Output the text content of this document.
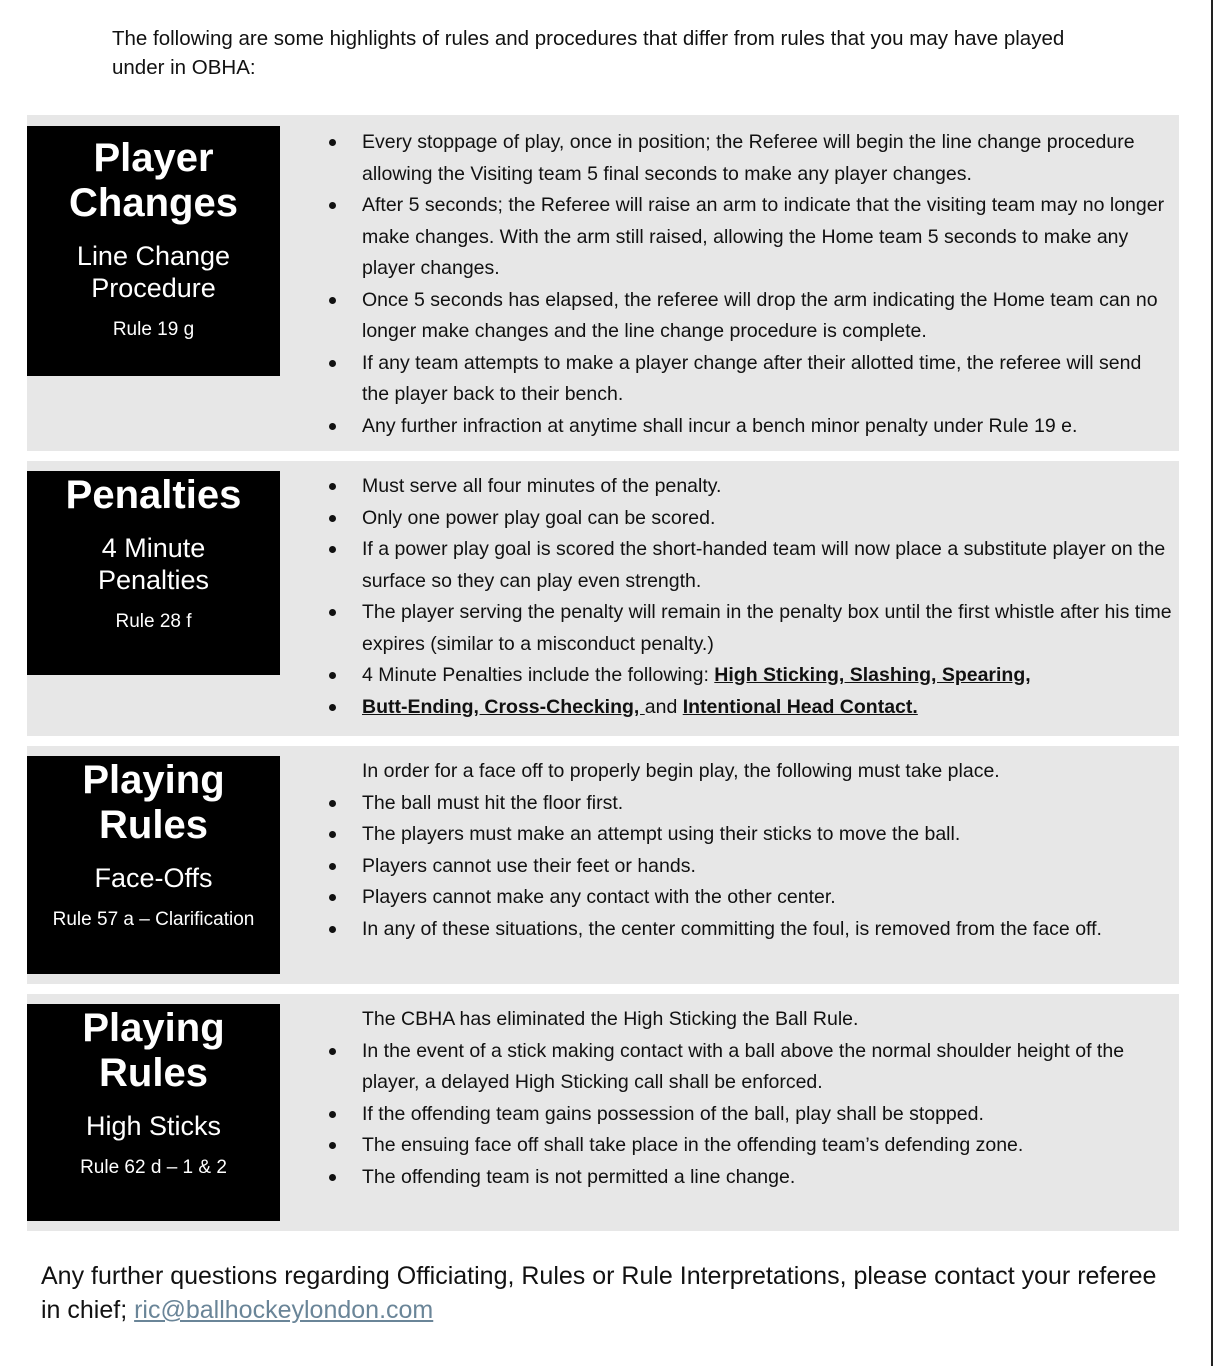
The following are some highlights of rules and procedures that differ from rules that you may have played under in OBHA:

Player
Changes
Line Change
Procedure
Rule 19 g
Every stoppage of play, once in position; the Referee will begin the line change procedure allowing the Visiting team 5 final seconds to make any player changes.
After 5 seconds; the Referee will raise an arm to indicate that the visiting team may no longer make changes. With the arm still raised, allowing the Home team 5 seconds to make any player changes.
Once 5 seconds has elapsed, the referee will drop the arm indicating the Home team can no longer make changes and the line change procedure is complete.
If any team attempts to make a player change after their allotted time, the referee will send the player back to their bench.
Any further infraction at anytime shall incur a bench minor penalty under Rule 19 e.
Penalties
4 Minute
Penalties
Rule 28 f
Must serve all four minutes of the penalty.
Only one power play goal can be scored.
If a power play goal is scored the short-handed team will now place a substitute player on the surface so they can play even strength.
The player serving the penalty will remain in the penalty box until the first whistle after his time expires (similar to a misconduct penalty.)
4 Minute Penalties include the following: High Sticking, Slashing, Spearing,
Butt-Ending, Cross-Checking, and Intentional Head Contact.
Playing
Rules
Face-Offs
Rule 57 a – Clarification

In order for a face off to properly begin play, the following must take place.

The ball must hit the floor first.
The players must make an attempt using their sticks to move the ball.
Players cannot use their feet or hands.
Players cannot make any contact with the other center.
In any of these situations, the center committing the foul, is removed from the face off.
Playing
Rules
High Sticks
Rule 62 d – 1 & 2

The CBHA has eliminated the High Sticking the Ball Rule.

In the event of a stick making contact with a ball above the normal shoulder height of the player, a delayed High Sticking call shall be enforced.
If the offending team gains possession of the ball, play shall be stopped.
The ensuing face off shall take place in the offending team’s defending zone.
The offending team is not permitted a line change.

Any further questions regarding Officiating, Rules or Rule Interpretations, please contact your referee in chief; ric@ballhockeylondon.com
